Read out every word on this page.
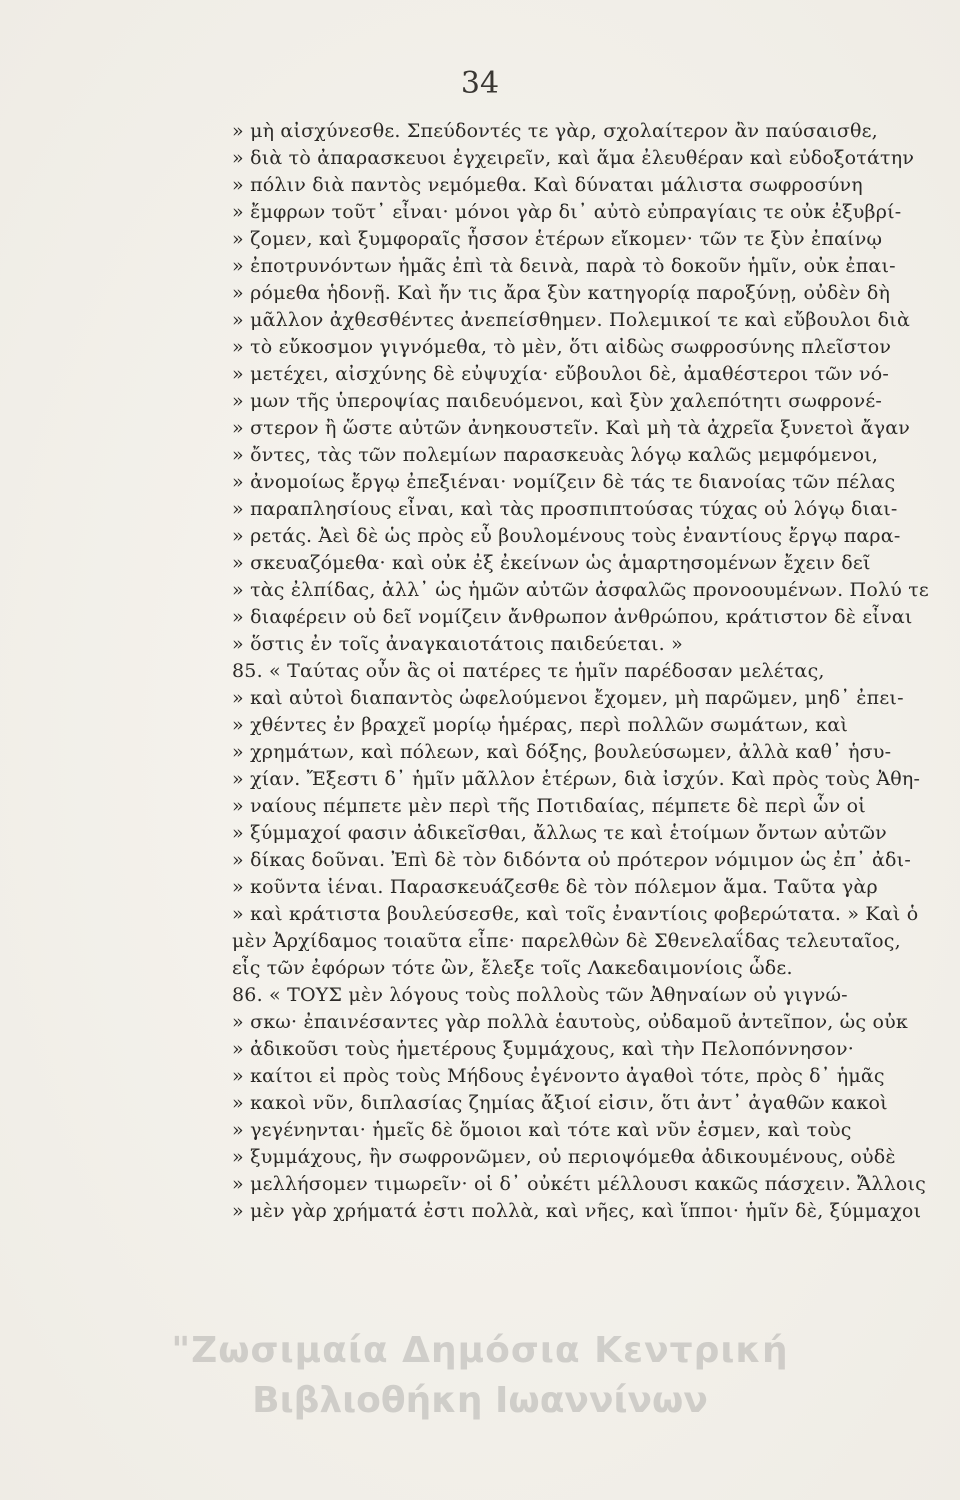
34
» μὴ αἰσχύνεσθε. Σπεύδοντές τε γὰρ, σχολαίτερον ἂν παύσαισθε,
» διὰ τὸ ἀπαρασκευοι ἐγχειρεῖν, καὶ ἅμα ἐλευθέραν καὶ εὐδοξοτάτην
» πόλιν διὰ παντὸς νεμόμεθα. Καὶ δύναται μάλιστα σωφροσύνη
» ἔμφρων τοῦτ᾽ εἶναι· μόνοι γὰρ δι᾽ αὐτὸ εὐπραγίαις τε οὐκ ἐξυβρί-
» ζομεν, καὶ ξυμφοραῖς ἧσσον ἑτέρων εἴκομεν· τῶν τε ξὺν ἐπαίνῳ
» ἐποτρυνόντων ἡμᾶς ἐπὶ τὰ δεινὰ, παρὰ τὸ δοκοῦν ἡμῖν, οὐκ ἐπαι-
» ρόμεθα ἡδονῇ. Καὶ ἤν τις ἄρα ξὺν κατηγορίᾳ παροξύνῃ, οὐδὲν δὴ
» μᾶλλον ἀχθεσθέντες ἀνεπείσθημεν. Πολεμικοί τε καὶ εὔβουλοι διὰ
» τὸ εὔκοσμον γιγνόμεθα, τὸ μὲν, ὅτι αἰδὼς σωφροσύνης πλεῖστον
» μετέχει, αἰσχύνης δὲ εὐψυχία· εὔβουλοι δὲ, ἀμαθέστεροι τῶν νό-
» μων τῆς ὑπεροψίας παιδευόμενοι, καὶ ξὺν χαλεπότητι σωφρονέ-
» στερον ἢ ὥστε αὐτῶν ἀνηκουστεῖν. Καὶ μὴ τὰ ἀχρεῖα ξυνετοὶ ἄγαν
» ὄντες, τὰς τῶν πολεμίων παρασκευὰς λόγῳ καλῶς μεμφόμενοι,
» ἀνομοίως ἔργῳ ἐπεξιέναι· νομίζειν δὲ τάς τε διανοίας τῶν πέλας
» παραπλησίους εἶναι, καὶ τὰς προσπιπτούσας τύχας οὐ λόγῳ διαι-
» ρετάς. Ἀεὶ δὲ ὡς πρὸς εὖ βουλομένους τοὺς ἐναντίους ἔργῳ παρα-
» σκευαζόμεθα· καὶ οὐκ ἐξ ἐκείνων ὡς ἁμαρτησομένων ἔχειν δεῖ
» τὰς ἐλπίδας, ἀλλ᾽ ὡς ἡμῶν αὐτῶν ἀσφαλῶς προνοουμένων. Πολύ τε
» διαφέρειν οὐ δεῖ νομίζειν ἄνθρωπον ἀνθρώπου, κράτιστον δὲ εἶναι
» ὅστις ἐν τοῖς ἀναγκαιοτάτοις παιδεύεται. »
85. « Ταύτας οὖν ἃς οἱ πατέρες τε ἡμῖν παρέδοσαν μελέτας,
» καὶ αὐτοὶ διαπαντὸς ὠφελούμενοι ἔχομεν, μὴ παρῶμεν, μηδ᾽ ἐπει-
» χθέντες ἐν βραχεῖ μορίῳ ἡμέρας, περὶ πολλῶν σωμάτων, καὶ
» χρημάτων, καὶ πόλεων, καὶ δόξης, βουλεύσωμεν, ἀλλὰ καθ᾽ ἡσυ-
» χίαν. Ἔξεστι δ᾽ ἡμῖν μᾶλλον ἑτέρων, διὰ ἰσχύν. Καὶ πρὸς τοὺς Ἀθη-
» ναίους πέμπετε μὲν περὶ τῆς Ποτιδαίας, πέμπετε δὲ περὶ ὧν οἱ
» ξύμμαχοί φασιν ἀδικεῖσθαι, ἄλλως τε καὶ ἑτοίμων ὄντων αὐτῶν
» δίκας δοῦναι. Ἐπὶ δὲ τὸν διδόντα οὐ πρότερον νόμιμον ὡς ἐπ᾽ ἀδι-
» κοῦντα ἰέναι. Παρασκευάζεσθε δὲ τὸν πόλεμον ἅμα. Ταῦτα γὰρ
» καὶ κράτιστα βουλεύσεσθε, καὶ τοῖς ἐναντίοις φοβερώτατα. » Καὶ ὁ
μὲν Ἀρχίδαμος τοιαῦτα εἶπε· παρελθὼν δὲ Σθενελαΐδας τελευταῖος,
εἷς τῶν ἐφόρων τότε ὢν, ἔλεξε τοῖς Λακεδαιμονίοις ὧδε.
86. « ΤΟΥΣ μὲν λόγους τοὺς πολλοὺς τῶν Ἀθηναίων οὐ γιγνώ-
» σκω· ἐπαινέσαντες γὰρ πολλὰ ἑαυτοὺς, οὐδαμοῦ ἀντεῖπον, ὡς οὐκ
» ἀδικοῦσι τοὺς ἡμετέρους ξυμμάχους, καὶ τὴν Πελοπόννησον·
» καίτοι εἰ πρὸς τοὺς Μήδους ἐγένοντο ἀγαθοὶ τότε, πρὸς δ᾽ ἡμᾶς
» κακοὶ νῦν, διπλασίας ζημίας ἄξιοί εἰσιν, ὅτι ἀντ᾽ ἀγαθῶν κακοὶ
» γεγένηνται· ἡμεῖς δὲ ὅμοιοι καὶ τότε καὶ νῦν ἐσμεν, καὶ τοὺς
» ξυμμάχους, ἢν σωφρονῶμεν, οὐ περιοψόμεθα ἀδικουμένους, οὐδὲ
» μελλήσομεν τιμωρεῖν· οἱ δ᾽ οὐκέτι μέλλουσι κακῶς πάσχειν. Ἄλλοις
» μὲν γὰρ χρήματά ἐστι πολλὰ, καὶ νῆες, καὶ ἵπποι· ἡμῖν δὲ, ξύμμαχοι
"Ζωσιμαία Δημόσια Κεντρική
Βιβλιοθήκη Ιωαννίνων
